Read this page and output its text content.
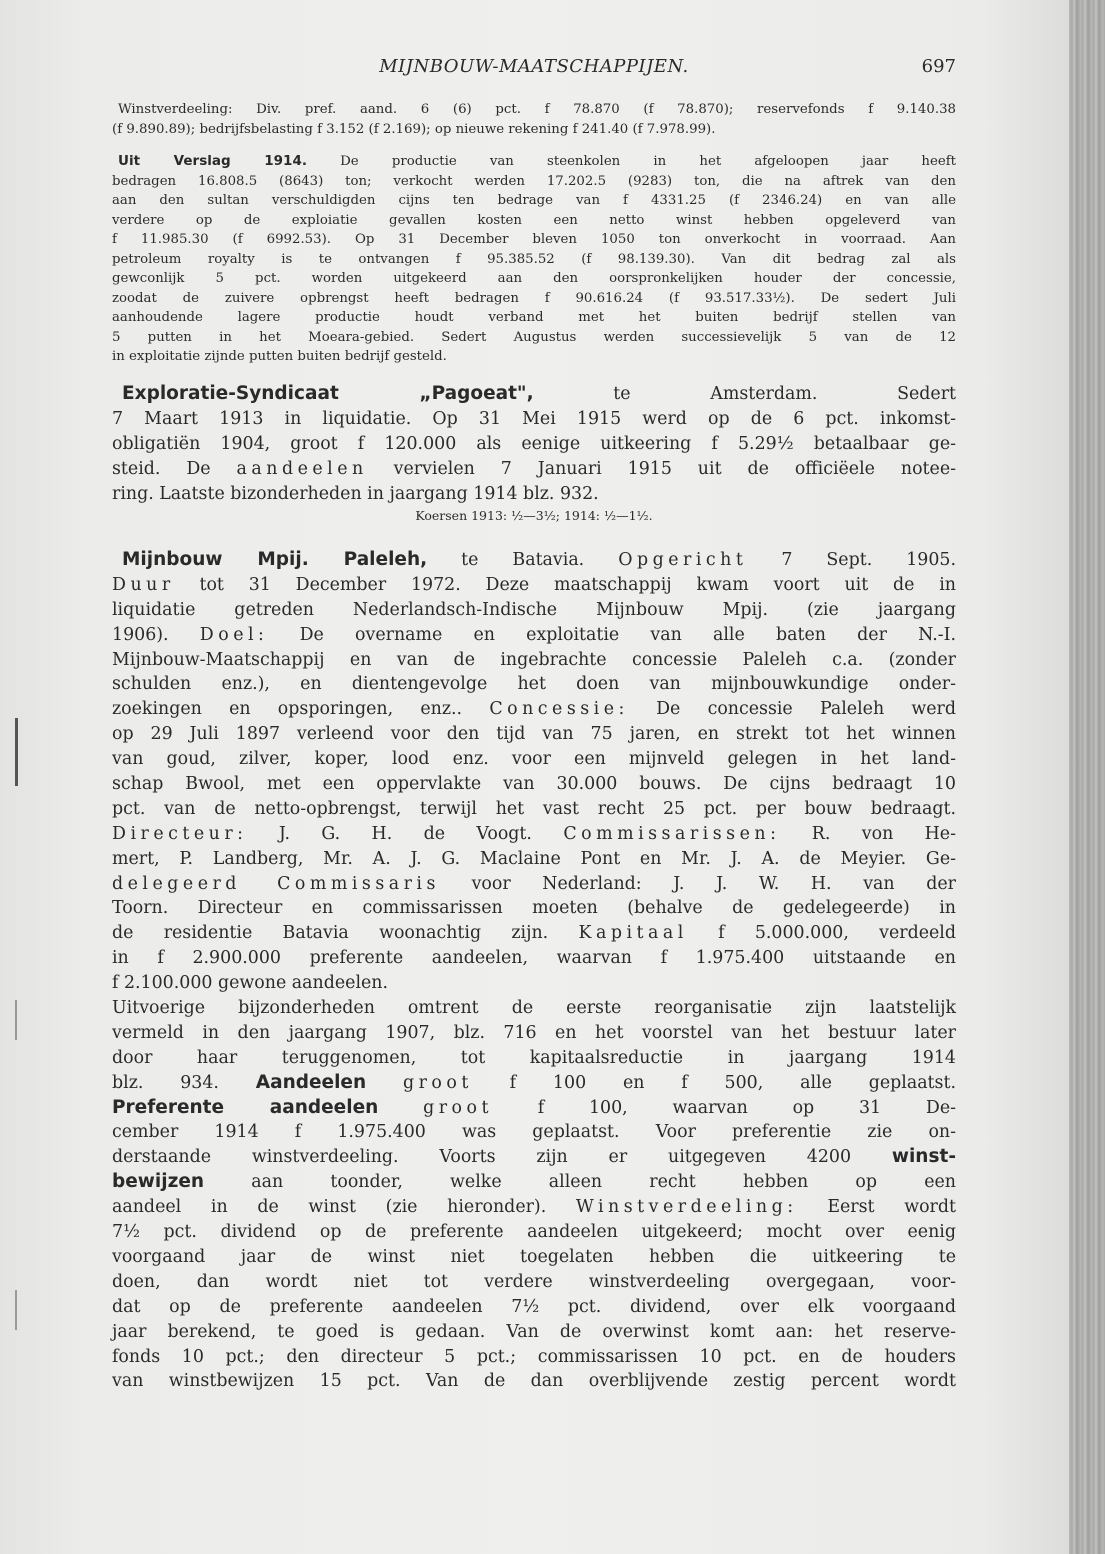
MIJNBOUW-MAATSCHAPPIJEN.	697
Winstverdeeling: Div. pref. aand. 6 (6) pct. f 78.870 (f 78.870); reservefonds f 9.140.38
(f 9.890.89); bedrijfsbelasting f 3.152 (f 2.169); op nieuwe rekening f 241.40 (f 7.978.99).
Uit Verslag 1914. De productie van steenkolen in het afgeloopen jaar heeft
bedragen 16.808.5 (8643) ton; verkocht werden 17.202.5 (9283) ton, die na aftrek van den
aan den sultan verschuldigden cijns ten bedrage van f 4331.25 (f 2346.24) en van alle
verdere op de exploiatie gevallen kosten een netto winst hebben opgeleverd van
f 11.985.30 (f 6992.53). Op 31 December bleven 1050 ton onverkocht in voorraad. Aan
petroleum royalty is te ontvangen f 95.385.52 (f 98.139.30). Van dit bedrag zal als
gewconlijk 5 pct. worden uitgekeerd aan den oorspronkelijken houder der concessie,
zoodat de zuivere opbrengst heeft bedragen f 90.616.24 (f 93.517.33½). De sedert Juli
aanhoudende lagere productie houdt verband met het buiten bedrijf stellen van
5 putten in het Moeara-gebied. Sedert Augustus werden successievelijk 5 van de 12
in exploitatie zijnde putten buiten bedrijf gesteld.
Exploratie-Syndicaat „Pagoeat", te Amsterdam. Sedert
7 Maart 1913 in liquidatie. Op 31 Mei 1915 werd op de 6 pct. inkomst-
obligatiën 1904, groot f 120.000 als eenige uitkeering f 5.29½ betaalbaar ge-
steid. De aandeelen vervielen 7 Januari 1915 uit de officiëele notee-
ring. Laatste bizonderheden in jaargang 1914 blz. 932.
Koersen 1913: ½—3½; 1914: ½—1½.
Mijnbouw Mpij. Paleleh, te Batavia. Opgericht 7 Sept. 1905.
Duur tot 31 December 1972. Deze maatschappij kwam voort uit de in
liquidatie getreden Nederlandsch-Indische Mijnbouw Mpij. (zie jaargang
1906). Doel: De overname en exploitatie van alle baten der N.-I.
Mijnbouw-Maatschappij en van de ingebrachte concessie Paleleh c.a. (zonder
schulden enz.), en dientengevolge het doen van mijnbouwkundige onder-
zoekingen en opsporingen, enz.. Concessie: De concessie Paleleh werd
op 29 Juli 1897 verleend voor den tijd van 75 jaren, en strekt tot het winnen
van goud, zilver, koper, lood enz. voor een mijnveld gelegen in het land-
schap Bwool, met een oppervlakte van 30.000 bouws. De cijns bedraagt 10
pct. van de netto-opbrengst, terwijl het vast recht 25 pct. per bouw bedraagt.
Directeur: J. G. H. de Voogt. Commissarissen: R. von He-
mert, P. Landberg, Mr. A. J. G. Maclaine Pont en Mr. J. A. de Meyier. Ge-
delegeerd Commissaris voor Nederland: J. J. W. H. van der
Toorn. Directeur en commissarissen moeten (behalve de gedelegeerde) in
de residentie Batavia woonachtig zijn. Kapitaal f 5.000.000, verdeeld
in f 2.900.000 preferente aandeelen, waarvan f 1.975.400 uitstaande en
f 2.100.000 gewone aandeelen.
Uitvoerige bijzonderheden omtrent de eerste reorganisatie zijn laatstelijk
vermeld in den jaargang 1907, blz. 716 en het voorstel van het bestuur later
door haar teruggenomen, tot kapitaalsreductie in jaargang 1914
blz. 934. Aandeelen groot f 100 en f 500, alle geplaatst.
Preferente aandeelen	groot f 100, waarvan op 31 De-
cember 1914 f 1.975.400 was geplaatst. Voor preferentie zie on-
derstaande winstverdeeling. Voorts zijn er uitgegeven 4200 winst-
bewijzen aan toonder, welke alleen recht hebben op een
aandeel in de winst (zie hieronder). Winstverdeeling: Eerst wordt
7½ pct. dividend op de preferente aandeelen uitgekeerd; mocht over eenig
voorgaand jaar de winst niet toegelaten hebben die uitkeering te
doen, dan wordt niet tot verdere winstverdeeling overgegaan, voor-
dat op de preferente aandeelen 7½ pct. dividend, over elk voorgaand
jaar berekend, te goed is gedaan. Van de overwinst komt aan: het reserve-
fonds 10 pct.; den directeur 5 pct.; commissarissen 10 pct. en de houders
van winstbewijzen 15 pct. Van de dan overblijvende zestig percent wordt
